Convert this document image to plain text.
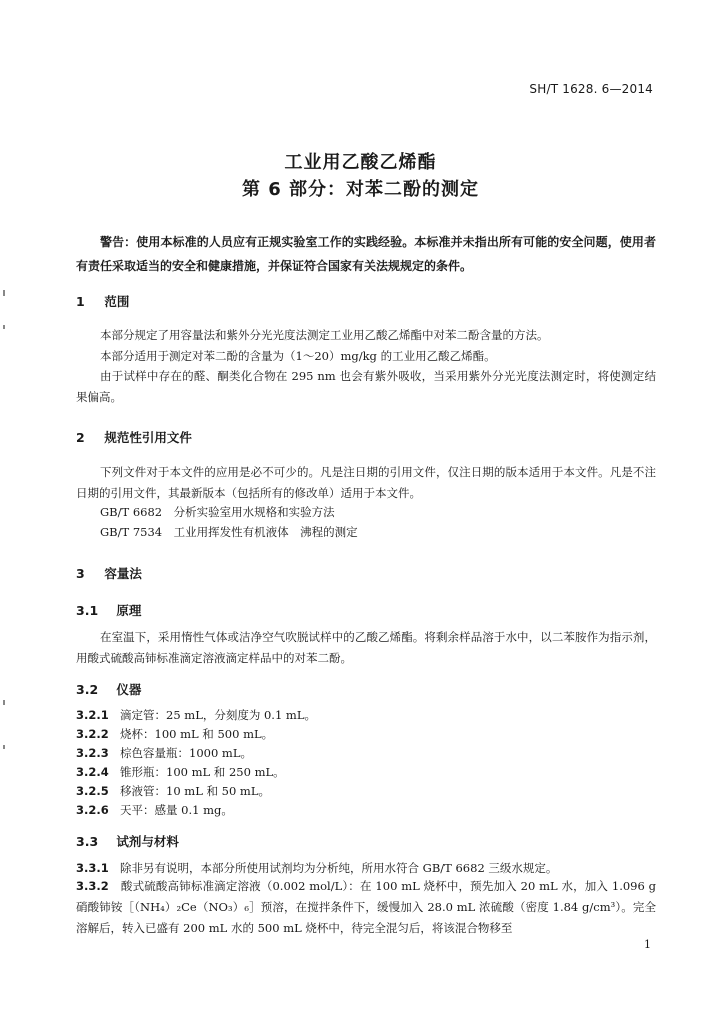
SH/T 1628. 6—2014
工业用乙酸乙烯酯
第 6 部分：对苯二酚的测定
警告：使用本标准的人员应有正规实验室工作的实践经验。本标准并未指出所有可能的安全问题，使用者有责任采取适当的安全和健康措施，并保证符合国家有关法规规定的条件。
1 范围
本部分规定了用容量法和紫外分光光度法测定工业用乙酸乙烯酯中对苯二酚含量的方法。
本部分适用于测定对苯二酚的含量为（1～20）mg/kg 的工业用乙酸乙烯酯。
由于试样中存在的醛、酮类化合物在 295 nm 也会有紫外吸收，当采用紫外分光光度法测定时，将使测定结果偏高。
2 规范性引用文件
下列文件对于本文件的应用是必不可少的。凡是注日期的引用文件，仅注日期的版本适用于本文件。凡是不注日期的引用文件，其最新版本（包括所有的修改单）适用于本文件。
GB/T 6682　分析实验室用水规格和实验方法
GB/T 7534　工业用挥发性有机液体　沸程的测定
3 容量法
3.1 原理
在室温下，采用惰性气体或洁净空气吹脱试样中的乙酸乙烯酯。将剩余样品溶于水中，以二苯胺作为指示剂，用酸式硫酸高铈标准滴定溶液滴定样品中的对苯二酚。
3.2 仪器
3.2.1 滴定管：25 mL，分刻度为 0.1 mL。
3.2.2 烧杯：100 mL 和 500 mL。
3.2.3 棕色容量瓶：1000 mL。
3.2.4 锥形瓶：100 mL 和 250 mL。
3.2.5 移液管：10 mL 和 50 mL。
3.2.6 天平：感量 0.1 mg。
3.3 试剂与材料
3.3.1 除非另有说明，本部分所使用试剂均为分析纯，所用水符合 GB/T 6682 三级水规定。
3.3.2 酸式硫酸高铈标准滴定溶液（0.002 mol/L）：在 100 mL 烧杯中，预先加入 20 mL 水，加入 1.096 g 硝酸铈铵［（NH₄）₂Ce（NO₃）₆］预溶，在搅拌条件下，缓慢加入 28.0 mL 浓硫酸（密度 1.84 g/cm³）。完全溶解后，转入已盛有 200 mL 水的 500 mL 烧杯中，待完全混匀后，将该混合物移至
1
